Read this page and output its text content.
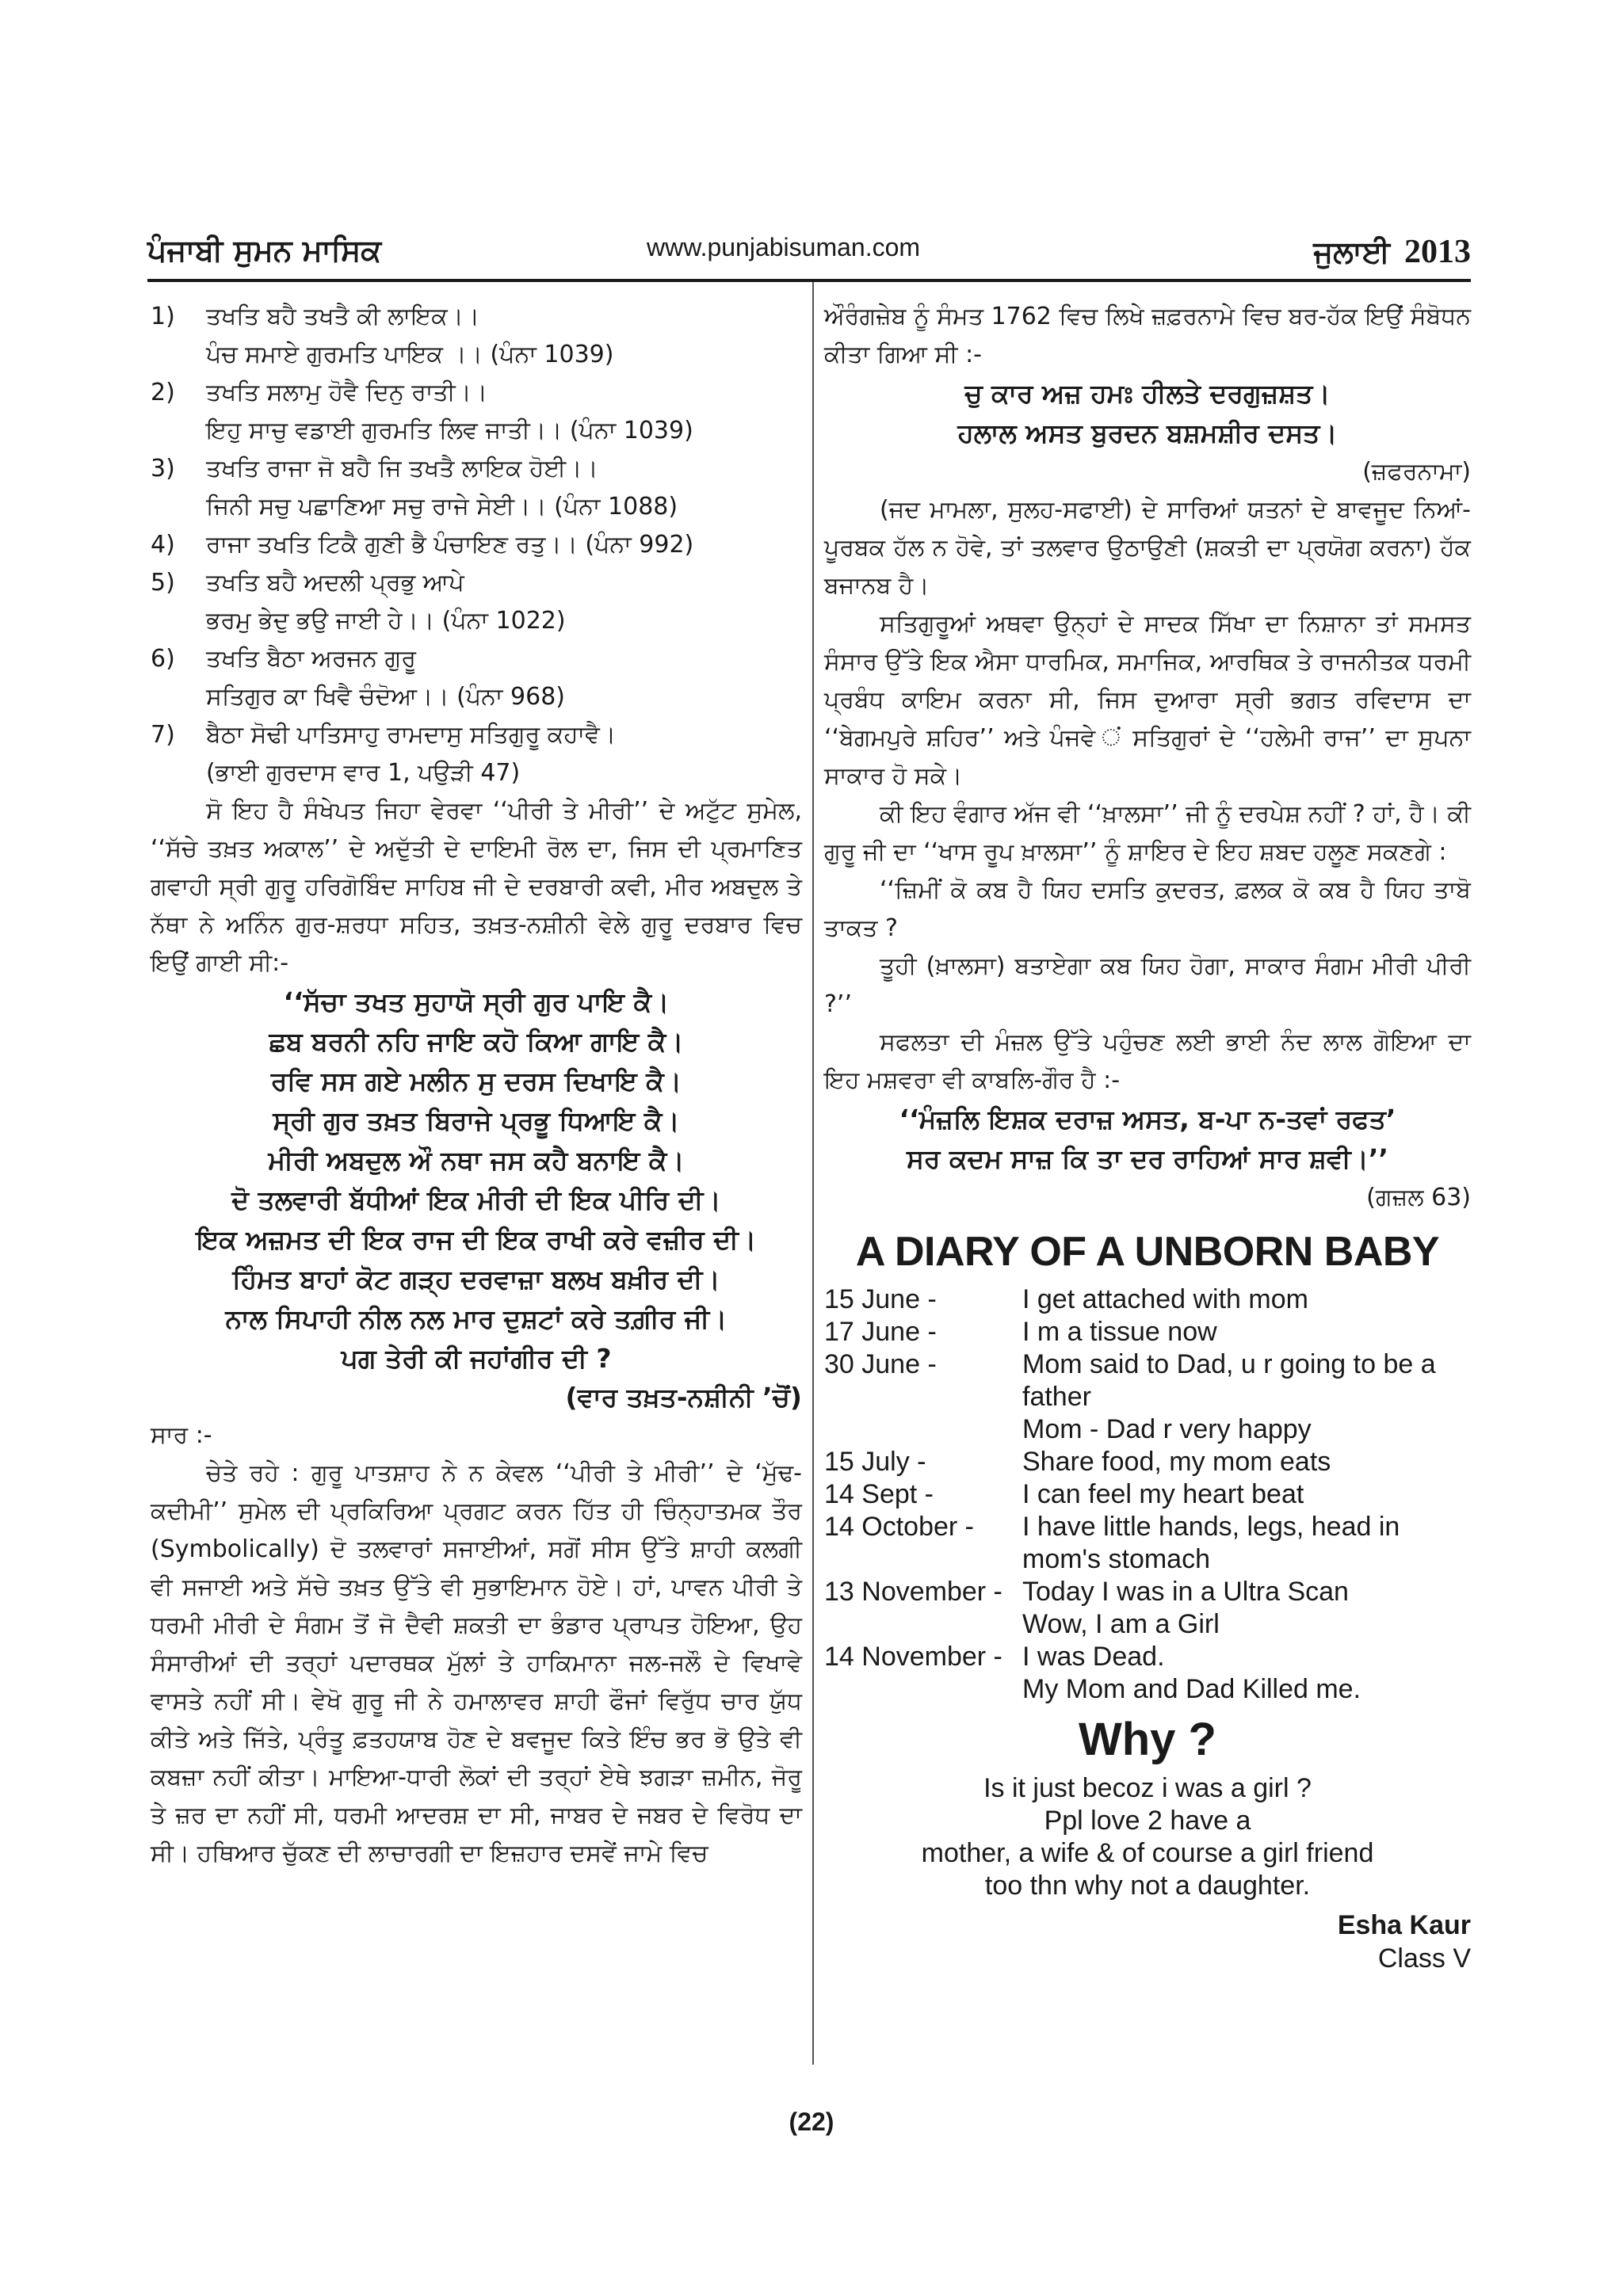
ਪੰਜਾਬੀ ਸੁਮਨ ਮਾਸਿਕ	www.punjabisuman.com	ਜੁਲਾਈ 2013
1)	ਤਖਤਿ ਬਹੈ ਤਖਤੈ ਕੀ ਲਾਇਕ।।
ਪੰਚ ਸਮਾਏ ਗੁਰਮਤਿ ਪਾਇਕ ।। (ਪੰਨਾ 1039)
2)	ਤਖਤਿ ਸਲਾਮੁ ਹੋਵੈ ਦਿਨੁ ਰਾਤੀ।।
ਇਹੁ ਸਾਚੁ ਵਡਾਈ ਗੁਰਮਤਿ ਲਿਵ ਜਾਤੀ।। (ਪੰਨਾ 1039)
3)	ਤਖਤਿ ਰਾਜਾ ਜੋ ਬਹੈ ਜਿ ਤਖਤੈ ਲਾਇਕ ਹੋਈ।।
ਜਿਨੀ ਸਚੁ ਪਛਾਣਿਆ ਸਚੁ ਰਾਜੇ ਸੇਈ।। (ਪੰਨਾ 1088)
4)	ਰਾਜਾ ਤਖਤਿ ਟਿਕੈ ਗੁਣੀ ਭੈ ਪੰਚਾਇਣ ਰਤੁ।। (ਪੰਨਾ 992)
5)	ਤਖਤਿ ਬਹੈ ਅਦਲੀ ਪ੍ਰਭੁ ਆਪੇ
ਭਰਮੁ ਭੇਦੁ ਭਉ ਜਾਈ ਹੇ।। (ਪੰਨਾ 1022)
6)	ਤਖਤਿ ਬੈਠਾ ਅਰਜਨ ਗੁਰੂ
ਸਤਿਗੁਰ ਕਾ ਖਿਵੈ ਚੰਦੋਆ।। (ਪੰਨਾ 968)
7)	ਬੈਠਾ ਸੋਢੀ ਪਾਤਿਸਾਹੁ ਰਾਮਦਾਸੁ ਸਤਿਗੁਰੂ ਕਹਾਵੈ।
(ਭਾਈ ਗੁਰਦਾਸ ਵਾਰ 1, ਪਉੜੀ 47)

ਸੋ ਇਹ ਹੈ ਸੰਖੇਪਤ ਜਿਹਾ ਵੇਰਵਾ ‘‘ਪੀਰੀ ਤੇ ਮੀਰੀ’’ ਦੇ ਅਟੁੱਟ ਸੁਮੇਲ, ‘‘ਸੱਚੇ ਤਖ਼ਤ ਅਕਾਲ’’ ਦੇ ਅਦੁੱਤੀ ਦੇ ਦਾਇਮੀ ਰੋਲ ਦਾ, ਜਿਸ ਦੀ ਪ੍ਰਮਾਣਿਤ ਗਵਾਹੀ ਸ੍ਰੀ ਗੁਰੂ ਹਰਿਗੋਬਿੰਦ ਸਾਹਿਬ ਜੀ ਦੇ ਦਰਬਾਰੀ ਕਵੀ, ਮੀਰ ਅਬਦੁਲ ਤੇ ਨੱਥਾ ਨੇ ਅਨਿੰਨ ਗੁਰ-ਸ਼ਰਧਾ ਸਹਿਤ, ਤਖ਼ਤ-ਨਸ਼ੀਨੀ ਵੇਲੇ ਗੁਰੂ ਦਰਬਾਰ ਵਿਚ ਇਉਂ ਗਾਈ ਸੀ:-

‘‘ਸੱਚਾ ਤਖਤ ਸੁਹਾਯੋ ਸ੍ਰੀ ਗੁਰ ਪਾਇ ਕੈ।

ਛਬ ਬਰਨੀ ਨਹਿ ਜਾਇ ਕਹੋ ਕਿਆ ਗਾਇ ਕੈ।

ਰਵਿ ਸਸ ਗਏ ਮਲੀਨ ਸੁ ਦਰਸ ਦਿਖਾਇ ਕੈ।

ਸ੍ਰੀ ਗੁਰ ਤਖ਼ਤ ਬਿਰਾਜੇ ਪ੍ਰਭੂ ਧਿਆਇ ਕੈ।

ਮੀਰੀ ਅਬਦੁਲ ਔ ਨਥਾ ਜਸ ਕਹੈ ਬਨਾਇ ਕੈ।

ਦੋ ਤਲਵਾਰੀ ਬੱਧੀਆਂ ਇਕ ਮੀਰੀ ਦੀ ਇਕ ਪੀਰਿ ਦੀ।

ਇਕ ਅਜ਼ਮਤ ਦੀ ਇਕ ਰਾਜ ਦੀ ਇਕ ਰਾਖੀ ਕਰੇ ਵਜ਼ੀਰ ਦੀ।

ਹਿੰਮਤ ਬਾਹਾਂ ਕੋਟ ਗੜ੍ਹ ਦਰਵਾਜ਼ਾ ਬਲਖ ਬਖ਼ੀਰ ਦੀ।

ਨਾਲ ਸਿਪਾਹੀ ਨੀਲ ਨਲ ਮਾਰ ਦੁਸ਼ਟਾਂ ਕਰੇ ਤਗ਼ੀਰ ਜੀ।

ਪਗ ਤੇਰੀ ਕੀ ਜਹਾਂਗੀਰ ਦੀ ?

(ਵਾਰ ਤਖ਼ਤ-ਨਸ਼ੀਨੀ ’ਚੋਂ)

ਸਾਰ :-

ਚੇਤੇ ਰਹੇ : ਗੁਰੂ ਪਾਤਸ਼ਾਹ ਨੇ ਨ ਕੇਵਲ ‘‘ਪੀਰੀ ਤੇ ਮੀਰੀ’’ ਦੇ ‘ਮੁੱਢ-ਕਦੀਮੀ’’ ਸੁਮੇਲ ਦੀ ਪ੍ਰਕਿਰਿਆ ਪ੍ਰਗਟ ਕਰਨ ਹਿੱਤ ਹੀ ਚਿੰਨ੍ਹਾਤਮਕ ਤੌਰ (Symbolically) ਦੋ ਤਲਵਾਰਾਂ ਸਜਾਈਆਂ, ਸਗੋਂ ਸੀਸ ਉੱਤੇ ਸ਼ਾਹੀ ਕਲਗੀ ਵੀ ਸਜਾਈ ਅਤੇ ਸੱਚੇ ਤਖ਼ਤ ਉੱਤੇ ਵੀ ਸੁਭਾਇਮਾਨ ਹੋਏ। ਹਾਂ, ਪਾਵਨ ਪੀਰੀ ਤੇ ਧਰਮੀ ਮੀਰੀ ਦੇ ਸੰਗਮ ਤੋਂ ਜੋ ਦੈਵੀ ਸ਼ਕਤੀ ਦਾ ਭੰਡਾਰ ਪ੍ਰਾਪਤ ਹੋਇਆ, ਉਹ ਸੰਸਾਰੀਆਂ ਦੀ ਤਰ੍ਹਾਂ ਪਦਾਰਥਕ ਮੁੱਲਾਂ ਤੇ ਹਾਕਿਮਾਨਾ ਜਲ-ਜਲੌ ਦੇ ਵਿਖਾਵੇ ਵਾਸਤੇ ਨਹੀਂ ਸੀ। ਵੇਖੋ ਗੁਰੂ ਜੀ ਨੇ ਹਮਾਲਾਵਰ ਸ਼ਾਹੀ ਫੌਜਾਂ ਵਿਰੁੱਧ ਚਾਰ ਯੁੱਧ ਕੀਤੇ ਅਤੇ ਜਿੱਤੇ, ਪ੍ਰੰਤੂ ਫ਼ਤਹਯਾਬ ਹੋਣ ਦੇ ਬਵਜੂਦ ਕਿਤੇ ਇੰਚ ਭਰ ਭੋ ਉਤੇ ਵੀ ਕਬਜ਼ਾ ਨਹੀਂ ਕੀਤਾ। ਮਾਇਆ-ਧਾਰੀ ਲੋਕਾਂ ਦੀ ਤਰ੍ਹਾਂ ਏਥੇ ਝਗੜਾ ਜ਼ਮੀਨ, ਜੋਰੂ ਤੇ ਜ਼ਰ ਦਾ ਨਹੀਂ ਸੀ, ਧਰਮੀ ਆਦਰਸ਼ ਦਾ ਸੀ, ਜਾਬਰ ਦੇ ਜਬਰ ਦੇ ਵਿਰੋਧ ਦਾ ਸੀ। ਹਥਿਆਰ ਚੁੱਕਣ ਦੀ ਲਾਚਾਰਗੀ ਦਾ ਇਜ਼ਹਾਰ ਦਸਵੇਂ ਜਾਮੇ ਵਿਚ

ਔਰੰਗਜ਼ੇਬ ਨੂੰ ਸੰਮਤ 1762 ਵਿਚ ਲਿਖੇ ਜ਼ਫ਼ਰਨਾਮੇ ਵਿਚ ਬਰ-ਹੱਕ ਇਉਂ ਸੰਬੋਧਨ ਕੀਤਾ ਗਿਆ ਸੀ :-

ਚੁ ਕਾਰ ਅਜ਼ ਹਮਃ ਹੀਲਤੇ ਦਰਗੁਜ਼ਸ਼ਤ।

ਹਲਾਲ ਅਸਤ ਬੁਰਦਨ ਬਸ਼ਮਸ਼ੀਰ ਦਸਤ।

(ਜ਼ਫਰਨਾਮਾ)

(ਜਦ ਮਾਮਲਾ, ਸੁਲਹ-ਸਫਾਈ) ਦੇ ਸਾਰਿਆਂ ਯਤਨਾਂ ਦੇ ਬਾਵਜੂਦ ਨਿਆਂ-ਪੂਰਬਕ ਹੱਲ ਨ ਹੋਵੇ, ਤਾਂ ਤਲਵਾਰ ਉਠਾਉਣੀ (ਸ਼ਕਤੀ ਦਾ ਪ੍ਰਯੋਗ ਕਰਨਾ) ਹੱਕ ਬਜਾਨਬ ਹੈ।

ਸਤਿਗੁਰੂਆਂ ਅਥਵਾ ਉਨ੍ਹਾਂ ਦੇ ਸਾਦਕ ਸਿੱਖਾ ਦਾ ਨਿਸ਼ਾਨਾ ਤਾਂ ਸਮਸਤ ਸੰਸਾਰ ਉੱਤੇ ਇਕ ਐਸਾ ਧਾਰਮਿਕ, ਸਮਾਜਿਕ, ਆਰਥਿਕ ਤੇ ਰਾਜਨੀਤਕ ਧਰਮੀ ਪ੍ਰਬੰਧ ਕਾਇਮ ਕਰਨਾ ਸੀ, ਜਿਸ ਦੁਆਰਾ ਸ੍ਰੀ ਭਗਤ ਰਵਿਦਾਸ ਦਾ ‘‘ਬੇਗਮਪੁਰੇ ਸ਼ਹਿਰ’’ ਅਤੇ ਪੰਜਵੇ ਂ ਸਤਿਗੁਰਾਂ ਦੇ ‘‘ਹਲੇਮੀ ਰਾਜ’’ ਦਾ ਸੁਪਨਾ ਸਾਕਾਰ ਹੋ ਸਕੇ।

ਕੀ ਇਹ ਵੰਗਾਰ ਅੱਜ ਵੀ ‘‘ਖ਼ਾਲਸਾ’’ ਜੀ ਨੂੰ ਦਰਪੇਸ਼ ਨਹੀਂ ? ਹਾਂ, ਹੈ। ਕੀ ਗੁਰੂ ਜੀ ਦਾ ‘‘ਖਾਸ ਰੂਪ ਖ਼ਾਲਸਾ’’ ਨੂੰ ਸ਼ਾਇਰ ਦੇ ਇਹ ਸ਼ਬਦ ਹਲੂਣ ਸਕਣਗੇ :

‘‘ਜ਼ਿਮੀਂ ਕੋ ਕਬ ਹੈ ਯਿਹ ਦਸਤਿ ਕੁਦਰਤ, ਫ਼ਲਕ ਕੋ ਕਬ ਹੈ ਯਿਹ ਤਾਬੋ ਤਾਕਤ ?

ਤੂਹੀ (ਖ਼ਾਲਸਾ) ਬਤਾਏਗਾ ਕਬ ਯਿਹ ਹੋਗਾ, ਸਾਕਾਰ ਸੰਗਮ ਮੀਰੀ ਪੀਰੀ ?’’

ਸਫਲਤਾ ਦੀ ਮੰਜ਼ਲ ਉੱਤੇ ਪਹੁੰਚਣ ਲਈ ਭਾਈ ਨੰਦ ਲਾਲ ਗੋਇਆ ਦਾ ਇਹ ਮਸ਼ਵਰਾ ਵੀ ਕਾਬਲਿ-ਗੌਰ ਹੈ :-

‘‘ਮੰਜ਼ਲਿ ਇਸ਼ਕ ਦਰਾਜ਼ ਅਸਤ, ਬ-ਪਾ ਨ-ਤਵਾਂ ਰਫਤ’

ਸਰ ਕਦਮ ਸਾਜ਼ ਕਿ ਤਾ ਦਰ ਰਾਹਿਆਂ ਸਾਰ ਸ਼ਵੀ।’’

(ਗਜ਼ਲ 63)

A DIARY OF A UNBORN BABY
15 June -	I get attached with mom
17 June -	I m a tissue now
30 June -	Mom said to Dad, u r going to be a
father
Mom - Dad r very happy
15 July -	Share food, my mom eats
14 Sept -	I can feel my heart beat
14 October -	I have little hands, legs, head in
mom's stomach
13 November - Today I was in a Ultra Scan
Wow, I am a Girl
14 November - I was Dead.
My Mom and Dad Killed me.
Why ?
Is it just becoz i was a girl ?
Ppl love 2 have a
mother, a wife & of course a girl friend
too thn why not a daughter.
Esha Kaur
Class V
(22)
